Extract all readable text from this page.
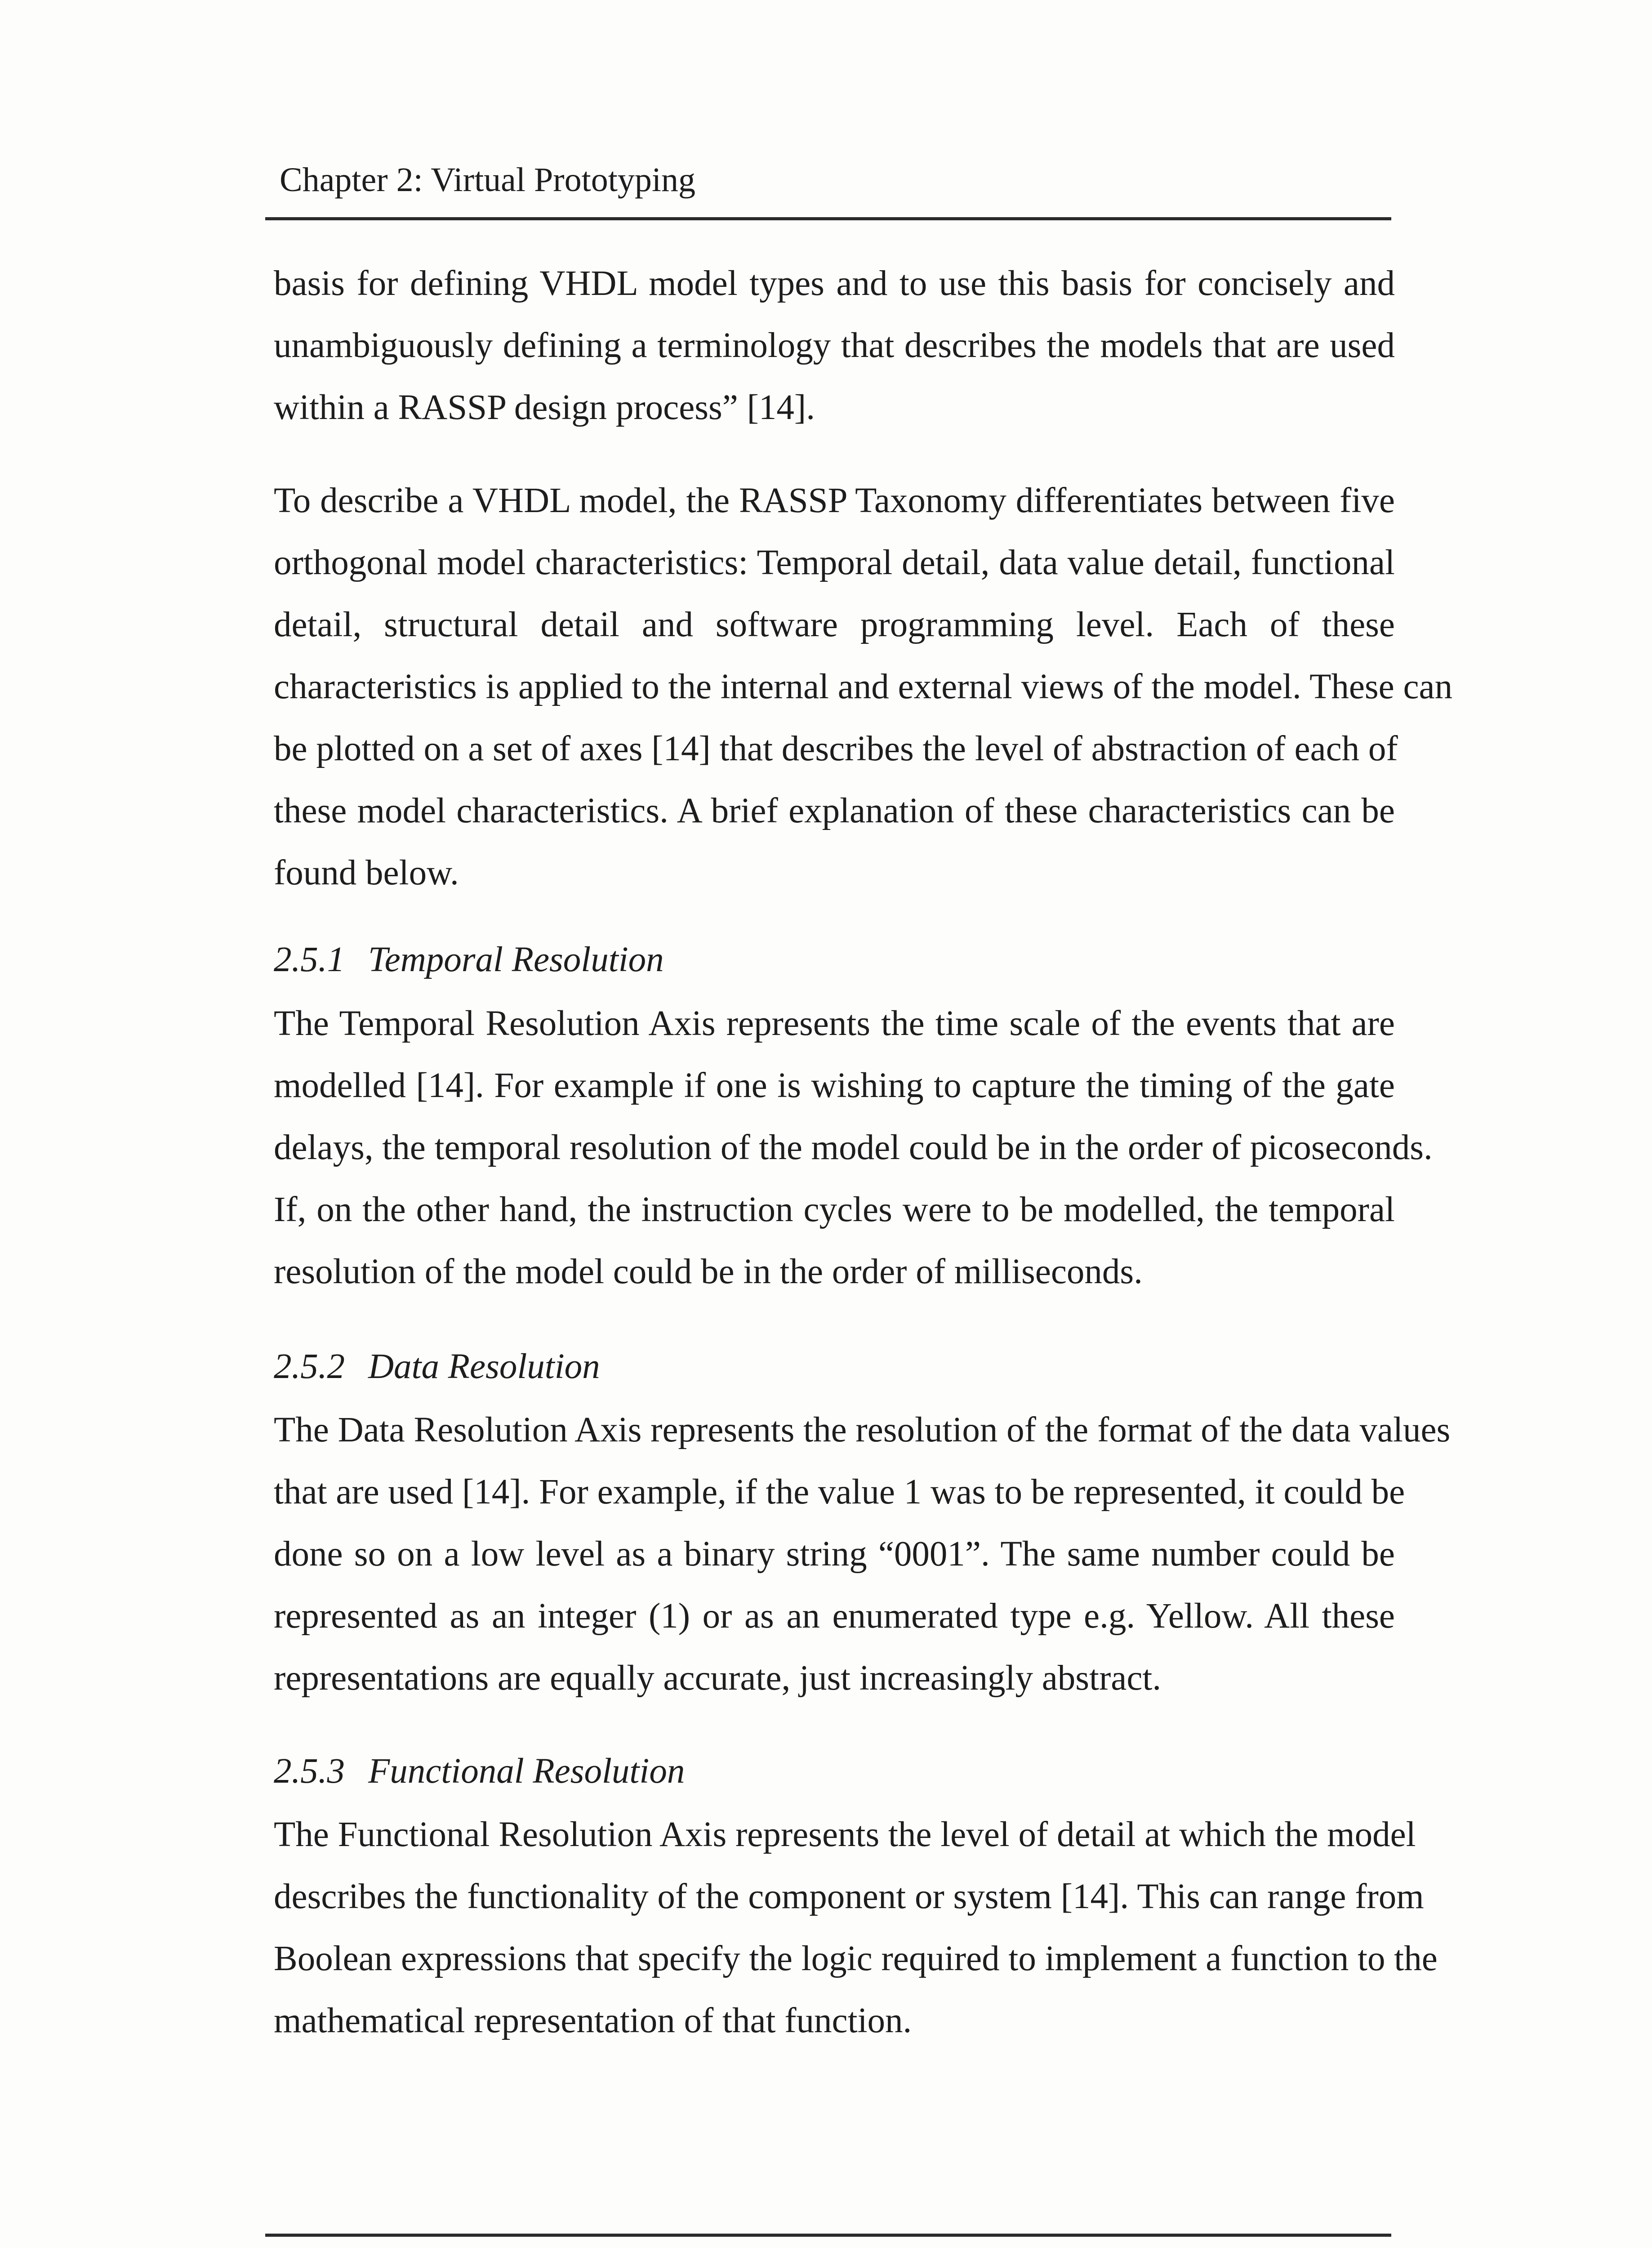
Chapter 2: Virtual Prototyping
basis for defining VHDL model types and to use this basis for concisely and
unambiguously defining a terminology that describes the models that are used
within a RASSP design process” [14].
To describe a VHDL model, the RASSP Taxonomy differentiates between five
orthogonal model characteristics: Temporal detail, data value detail, functional
detail, structural detail and software programming level. Each of these
characteristics is applied to the internal and external views of the model. These can
be plotted on a set of axes [14] that describes the level of abstraction of each of
these model characteristics. A brief explanation of these characteristics can be
found below.
2.5.1 Temporal Resolution
The Temporal Resolution Axis represents the time scale of the events that are
modelled [14]. For example if one is wishing to capture the timing of the gate
delays, the temporal resolution of the model could be in the order of picoseconds.
If, on the other hand, the instruction cycles were to be modelled, the temporal
resolution of the model could be in the order of milliseconds.
2.5.2 Data Resolution
The Data Resolution Axis represents the resolution of the format of the data values
that are used [14]. For example, if the value 1 was to be represented, it could be
done so on a low level as a binary string “0001”. The same number could be
represented as an integer (1) or as an enumerated type e.g. Yellow. All these
representations are equally accurate, just increasingly abstract.
2.5.3 Functional Resolution
The Functional Resolution Axis represents the level of detail at which the model
describes the functionality of the component or system [14]. This can range from
Boolean expressions that specify the logic required to implement a function to the
mathematical representation of that function.
